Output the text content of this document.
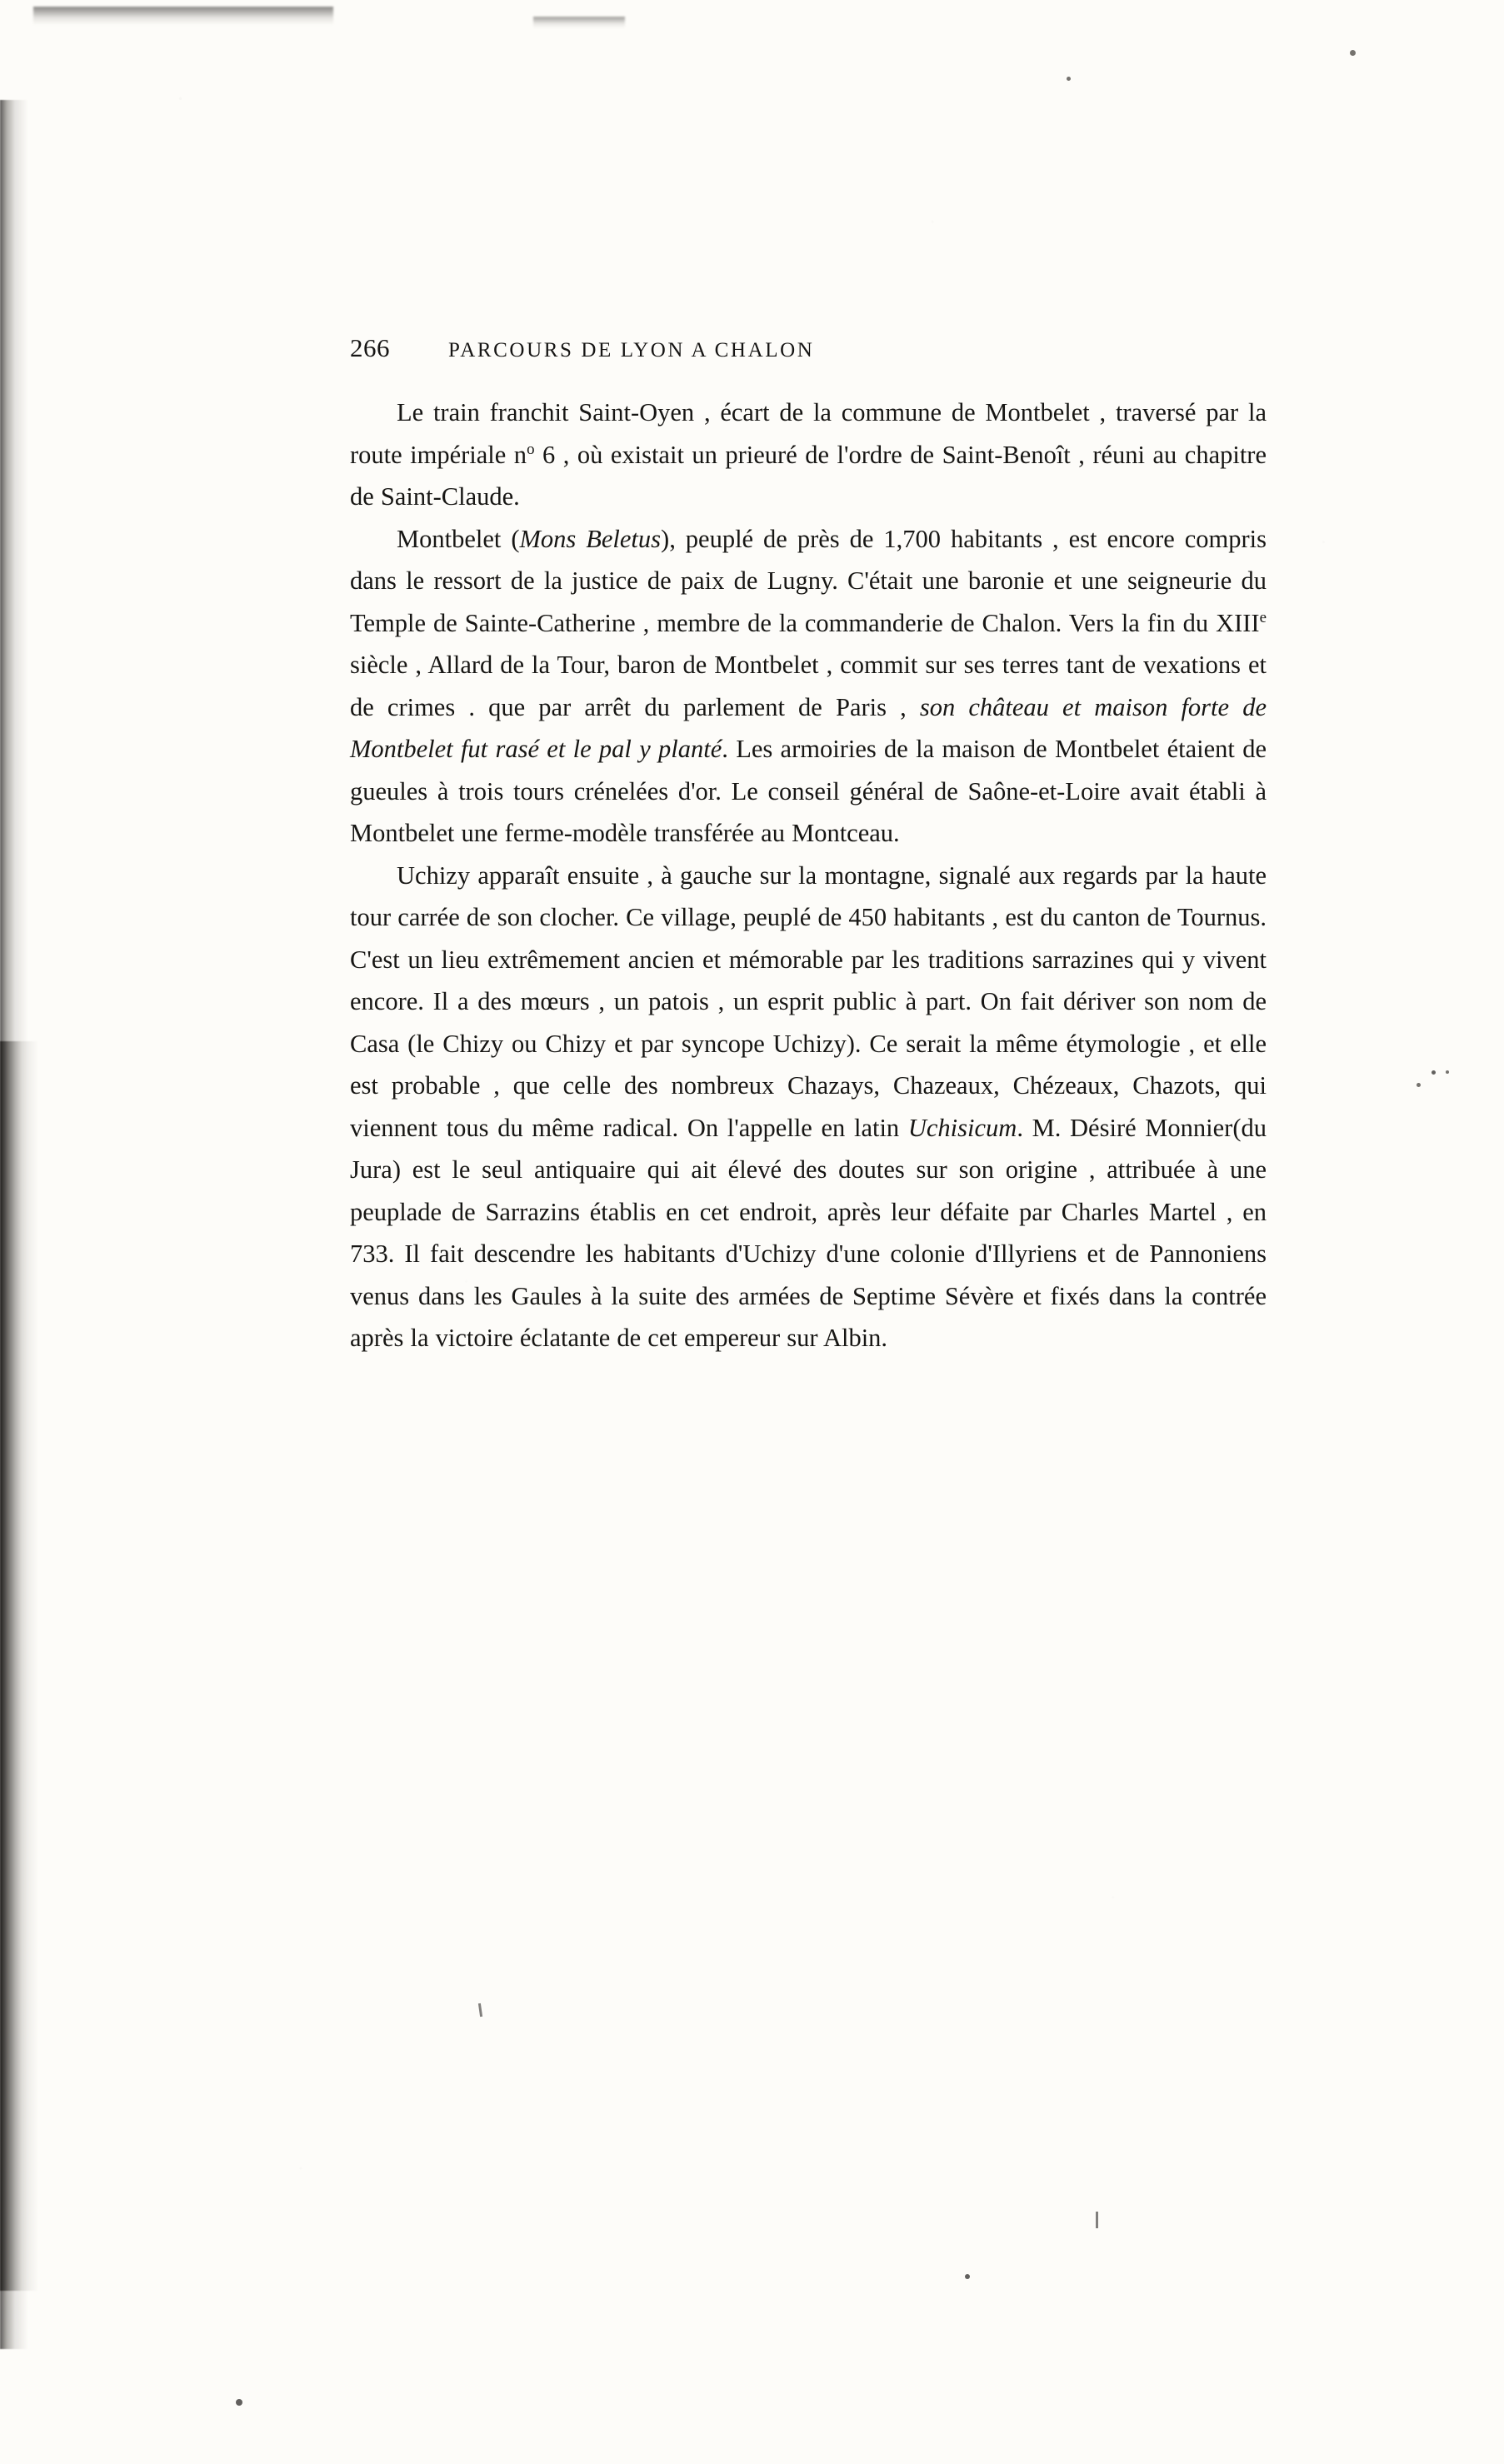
266	PARCOURS DE LYON A CHALON

Le train franchit Saint-Oyen , écart de la commune de Montbelet , traversé par la route impériale $n^o$ 6 , où existait un prieuré de l'ordre de Saint-Benoît , réuni au chapitre de Saint-Claude.

Montbelet (Mons Beletus), peuplé de près de 1,700 habitants , est encore compris dans le ressort de la justice de paix de Lugny. C'était une baronie et une seigneurie du Temple de Sainte-Catherine , membre de la commanderie de Chalon. Vers la fin du XIIIe siècle , Allard de la Tour, baron de Montbelet , commit sur ses terres tant de vexations et de crimes . que par arrêt du parlement de Paris , son château et maison forte de Montbelet fut rasé et le pal y planté. Les armoiries de la maison de Montbelet étaient de gueules à trois tours crénelées d'or. Le conseil général de Saône-et-Loire avait établi à Montbelet une ferme-modèle transférée au Montceau.

Uchizy apparaît ensuite , à gauche sur la montagne, signalé aux regards par la haute tour carrée de son clocher. Ce village, peuplé de 450 habitants , est du canton de Tournus. C'est un lieu extrêmement ancien et mémorable par les traditions sarrazines qui y vivent encore. Il a des mœurs , un patois , un esprit public à part. On fait dériver son nom de Casa (le Chizy ou Chizy et par syncope Uchizy). Ce serait la même étymologie , et elle est probable , que celle des nombreux Chazays, Chazeaux, Chézeaux, Chazots, qui viennent tous du même radical. On l'appelle en latin Uchisicum. M. Désiré Monnier(du Jura) est le seul antiquaire qui ait élevé des doutes sur son origine , attribuée à une peuplade de Sarrazins établis en cet endroit, après leur défaite par Charles Martel , en 733. Il fait descendre les habitants d'Uchizy d'une colonie d'Illyriens et de Pannoniens venus dans les Gaules à la suite des armées de Septime Sévère et fixés dans la contrée après la victoire éclatante de cet empereur sur Albin.
